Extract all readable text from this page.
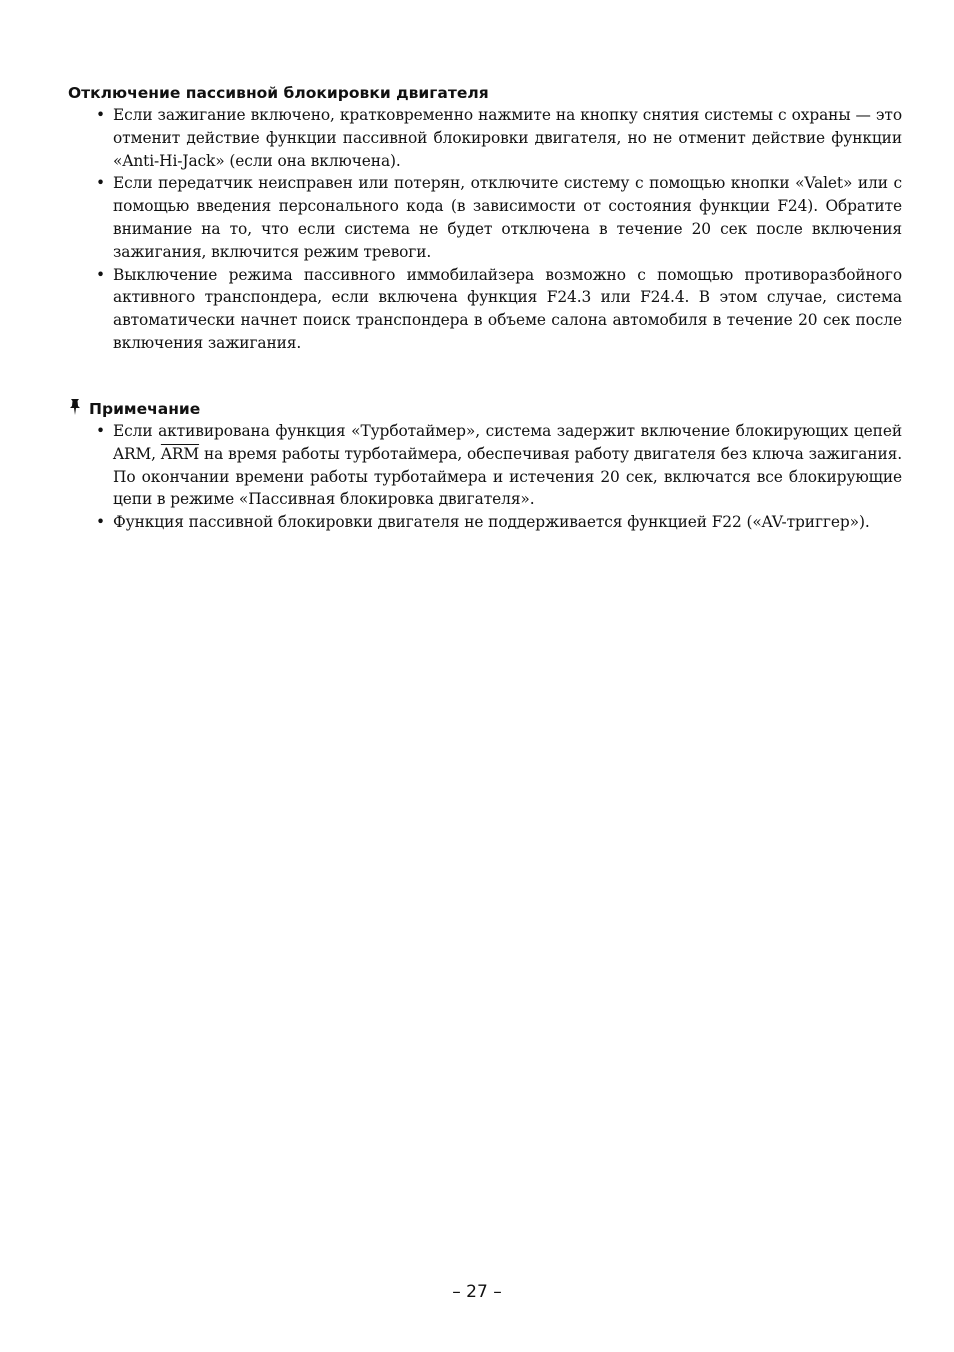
Отключение пассивной блокировки двигателя
• Если зажигание включено, кратковременно нажмите на кнопку снятия системы с охраны — это отменит действие функции пассивной блокировки двигателя, но не отменит действие функции «Anti-Hi-Jack» (если она включена).
• Если передатчик неисправен или потерян, отключите систему с помощью кнопки «Valet» или с помощью введения персонального кода (в зависимости от состояния функции F24). Обратите внимание на то, что если система не будет отключена в течение 20 сек после включения зажигания, включится режим тревоги.
• Выключение режима пассивного иммобилайзера возможно с помощью противоразбойного активного транспондера, если включена функция F24.3 или F24.4. В этом случае, система автоматически начнет поиск транспондера в объеме салона автомобиля в течение 20 сек после включения зажигания.
Примечание
• Если активирована функция «Турботаймер», система задержит включение блокирующих цепей ARM, $\overline{ARM}$ на время работы турботаймера, обеспечивая работу двигателя без ключа зажигания. По окончании времени работы турботаймера и истечения 20 сек, включатся все блокирующие цепи в режиме «Пассивная блокировка двигателя».
• Функция пассивной блокировки двигателя не поддерживается функцией F22 («AV-триггер»).
– 27 –
